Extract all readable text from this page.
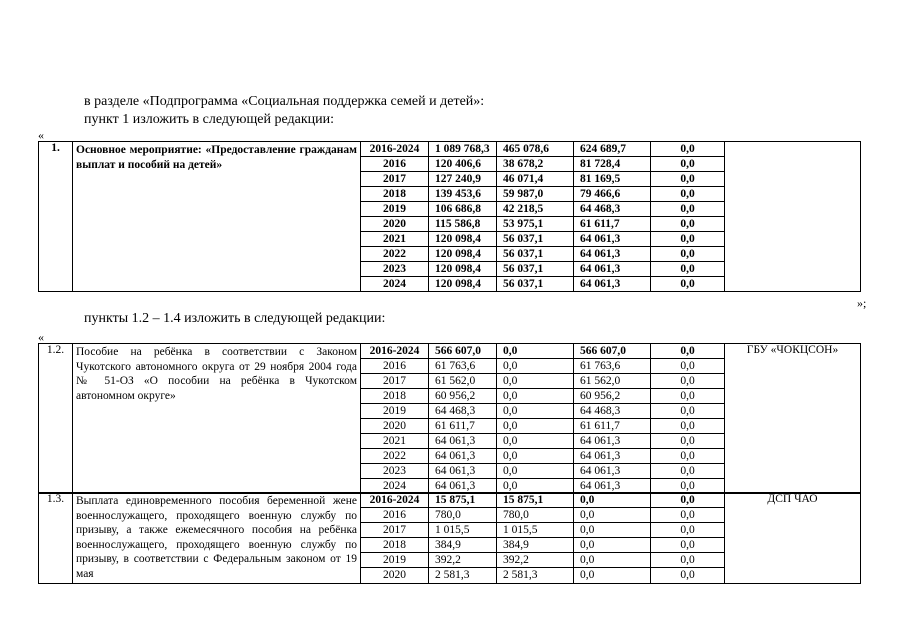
в разделе «Подпрограмма «Социальная поддержка семей и детей»:
пункт 1 изложить в следующей редакции:
«
1.	Основное мероприятие: «Предоставление гражданам выплат и пособий на детей»	2016-2024	1 089 768,3	465 078,6	624 689,7	0,0	
		2016	120 406,6	38 678,2	81 728,4	0,0	
		2017	127 240,9	46 071,4	81 169,5	0,0	
		2018	139 453,6	59 987,0	79 466,6	0,0	
		2019	106 686,8	42 218,5	64 468,3	0,0	
		2020	115 586,8	53 975,1	61 611,7	0,0	
		2021	120 098,4	56 037,1	64 061,3	0,0	
		2022	120 098,4	56 037,1	64 061,3	0,0	
		2023	120 098,4	56 037,1	64 061,3	0,0	
		2024	120 098,4	56 037,1	64 061,3	0,0	
»;
пункты 1.2 – 1.4 изложить в следующей редакции:
«
1.2.	Пособие на ребёнка в соответствии с Законом Чукотского автономного округа от 29 ноября 2004 года № 51-ОЗ «О пособии на ребёнка в Чукотском автономном округе»	2016-2024	566 607,0	0,0	566 607,0	0,0	ГБУ «ЧОКЦСОН»
		2016	61 763,6	0,0	61 763,6	0,0	
		2017	61 562,0	0,0	61 562,0	0,0	
		2018	60 956,2	0,0	60 956,2	0,0	
		2019	64 468,3	0,0	64 468,3	0,0	
		2020	61 611,7	0,0	61 611,7	0,0	
		2021	64 061,3	0,0	64 061,3	0,0	
		2022	64 061,3	0,0	64 061,3	0,0	
		2023	64 061,3	0,0	64 061,3	0,0	
		2024	64 061,3	0,0	64 061,3	0,0	
1.3.	Выплата единовременного пособия беременной жене военнослужащего, проходящего военную службу по призыву, а также ежемесячного пособия на ребёнка военнослужащего, проходящего военную службу по призыву, в соответствии с Федеральным законом от 19 мая	2016-2024	15 875,1	15 875,1	0,0	0,0	ДСП ЧАО
		2016	780,0	780,0	0,0	0,0	
		2017	1 015,5	1 015,5	0,0	0,0	
		2018	384,9	384,9	0,0	0,0	
		2019	392,2	392,2	0,0	0,0	
		2020	2 581,3	2 581,3	0,0	0,0	
